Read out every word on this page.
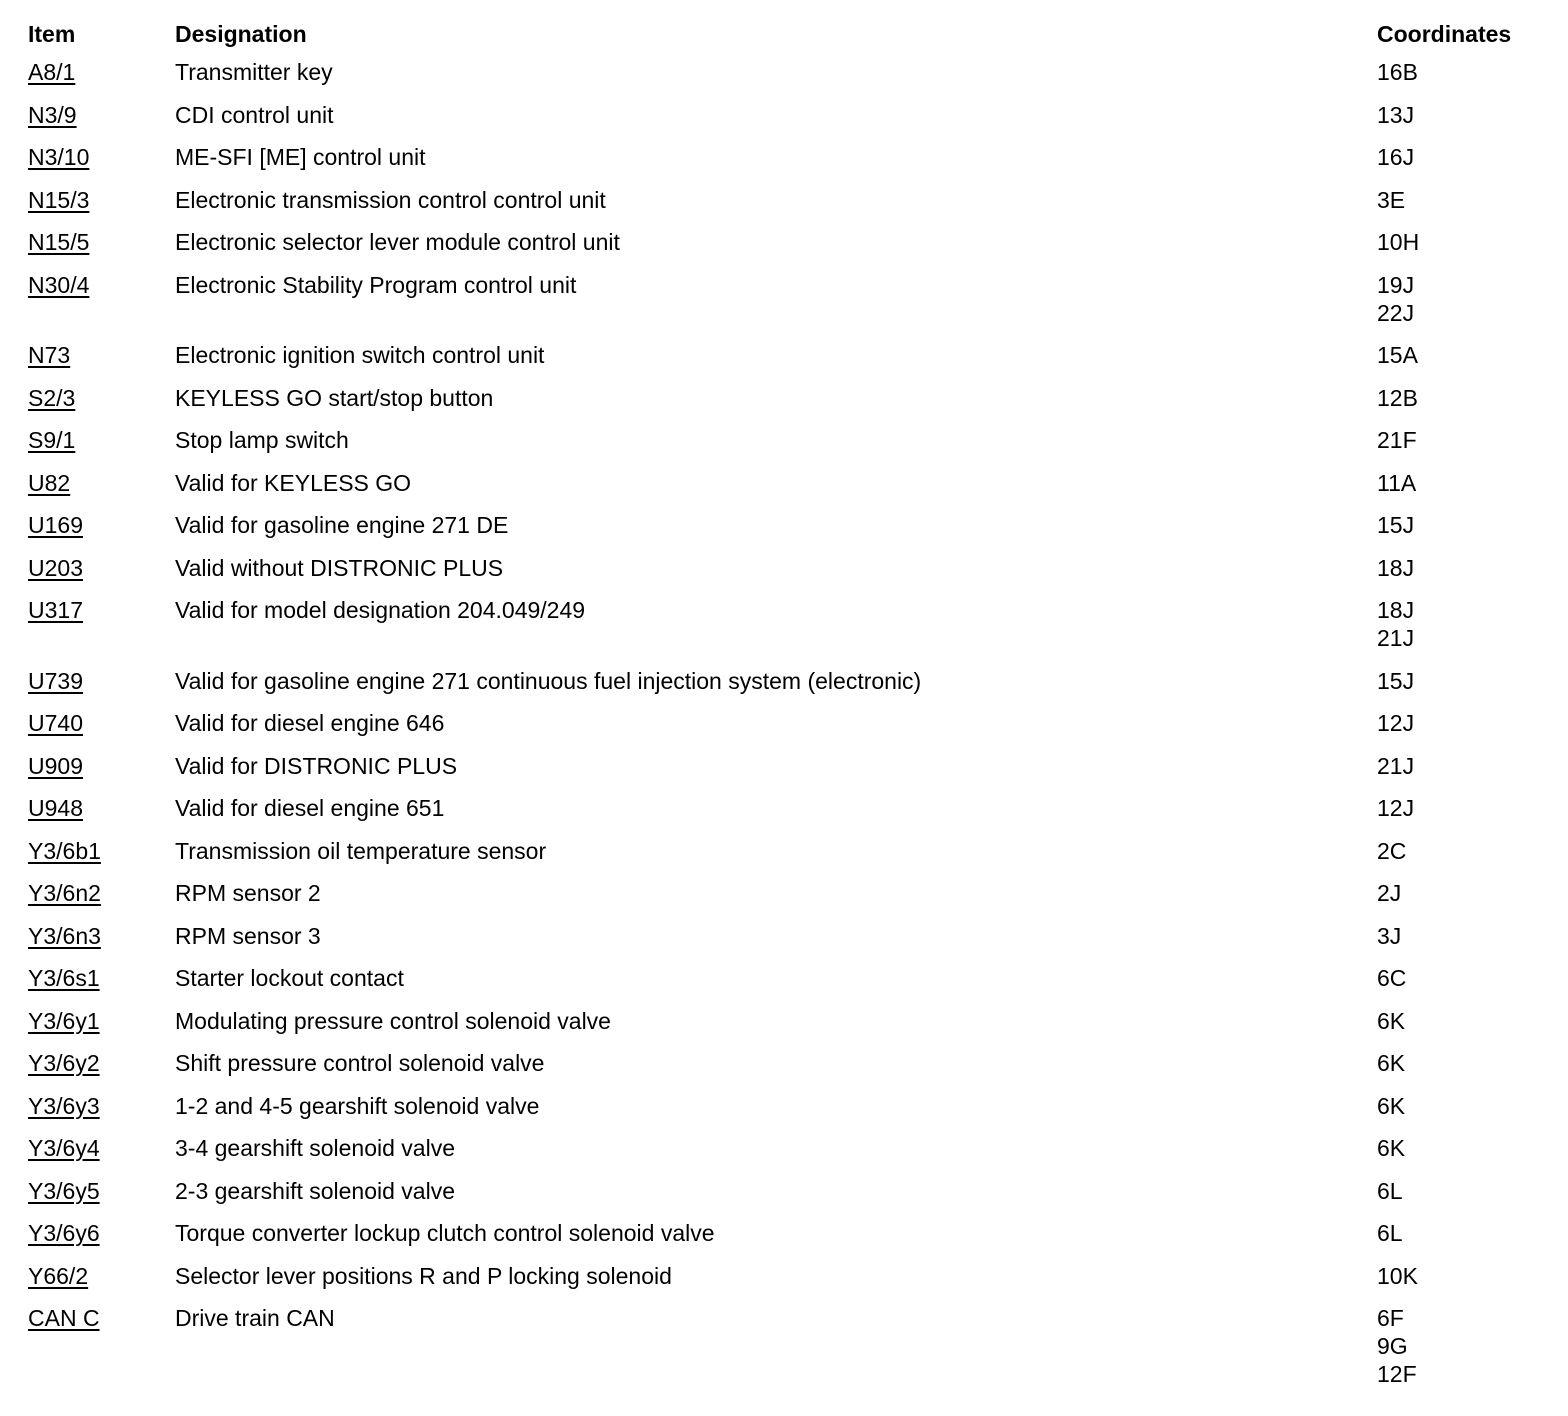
Item	Designation	Coordinates
A8/1	Transmitter key	16B
N3/9	CDI control unit	13J
N3/10	ME-SFI [ME] control unit	16J
N15/3	Electronic transmission control control unit	3E
N15/5	Electronic selector lever module control unit	10H
N30/4	Electronic Stability Program control unit	19J
22J
N73	Electronic ignition switch control unit	15A
S2/3	KEYLESS GO start/stop button	12B
S9/1	Stop lamp switch	21F
U82	Valid for KEYLESS GO	11A
U169	Valid for gasoline engine 271 DE	15J
U203	Valid without DISTRONIC PLUS	18J
U317	Valid for model designation 204.049/249	18J
21J
U739	Valid for gasoline engine 271 continuous fuel injection system (electronic)	15J
U740	Valid for diesel engine 646	12J
U909	Valid for DISTRONIC PLUS	21J
U948	Valid for diesel engine 651	12J
Y3/6b1	Transmission oil temperature sensor	2C
Y3/6n2	RPM sensor 2	2J
Y3/6n3	RPM sensor 3	3J
Y3/6s1	Starter lockout contact	6C
Y3/6y1	Modulating pressure control solenoid valve	6K
Y3/6y2	Shift pressure control solenoid valve	6K
Y3/6y3	1-2 and 4-5 gearshift solenoid valve	6K
Y3/6y4	3-4 gearshift solenoid valve	6K
Y3/6y5	2-3 gearshift solenoid valve	6L
Y3/6y6	Torque converter lockup clutch control solenoid valve	6L
Y66/2	Selector lever positions R and P locking solenoid	10K
CAN C	Drive train CAN	6F
9G
12F
